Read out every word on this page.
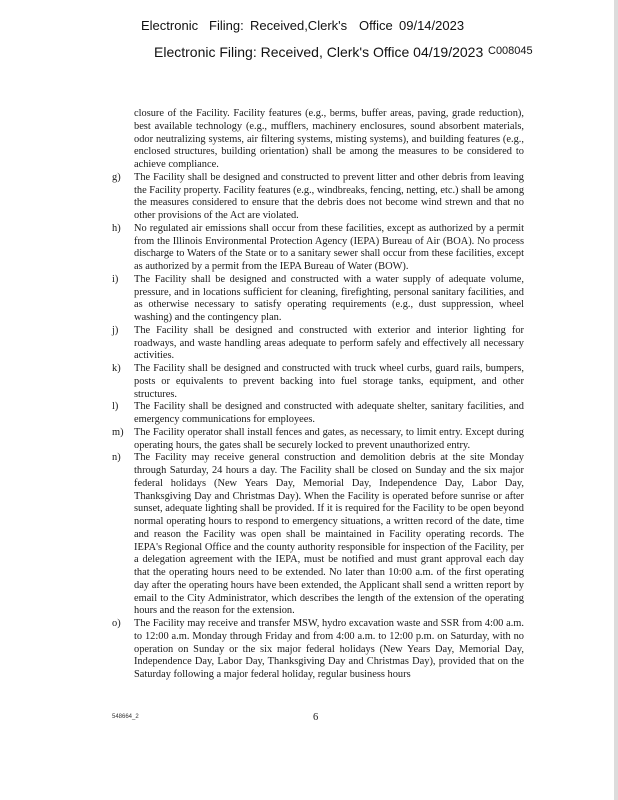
Electronic Filing: Received,Clerk's Office 09/14/2023
Electronic Filing: Received, Clerk's Office 04/19/2023 C008045
closure of the Facility. Facility features (e.g., berms, buffer areas, paving, grade reduction), best available technology (e.g., mufflers, machinery enclosures, sound absorbent materials, odor neutralizing systems, air filtering systems, misting systems), and building features (e.g., enclosed structures, building orientation) shall be among the measures to be considered to achieve compliance.
g) The Facility shall be designed and constructed to prevent litter and other debris from leaving the Facility property. Facility features (e.g., windbreaks, fencing, netting, etc.) shall be among the measures considered to ensure that the debris does not become wind strewn and that no other provisions of the Act are violated.
h) No regulated air emissions shall occur from these facilities, except as authorized by a permit from the Illinois Environmental Protection Agency (IEPA) Bureau of Air (BOA). No process discharge to Waters of the State or to a sanitary sewer shall occur from these facilities, except as authorized by a permit from the IEPA Bureau of Water (BOW).
i) The Facility shall be designed and constructed with a water supply of adequate volume, pressure, and in locations sufficient for cleaning, firefighting, personal sanitary facilities, and as otherwise necessary to satisfy operating requirements (e.g., dust suppression, wheel washing) and the contingency plan.
j) The Facility shall be designed and constructed with exterior and interior lighting for roadways, and waste handling areas adequate to perform safely and effectively all necessary activities.
k) The Facility shall be designed and constructed with truck wheel curbs, guard rails, bumpers, posts or equivalents to prevent backing into fuel storage tanks, equipment, and other structures.
l) The Facility shall be designed and constructed with adequate shelter, sanitary facilities, and emergency communications for employees.
m) The Facility operator shall install fences and gates, as necessary, to limit entry. Except during operating hours, the gates shall be securely locked to prevent unauthorized entry.
n) The Facility may receive general construction and demolition debris at the site Monday through Saturday, 24 hours a day. The Facility shall be closed on Sunday and the six major federal holidays (New Years Day, Memorial Day, Independence Day, Labor Day, Thanksgiving Day and Christmas Day). When the Facility is operated before sunrise or after sunset, adequate lighting shall be provided. If it is required for the Facility to be open beyond normal operating hours to respond to emergency situations, a written record of the date, time and reason the Facility was open shall be maintained in Facility operating records. The IEPA's Regional Office and the county authority responsible for inspection of the Facility, per a delegation agreement with the IEPA, must be notified and must grant approval each day that the operating hours need to be extended. No later than 10:00 a.m. of the first operating day after the operating hours have been extended, the Applicant shall send a written report by email to the City Administrator, which describes the length of the extension of the operating hours and the reason for the extension.
o) The Facility may receive and transfer MSW, hydro excavation waste and SSR from 4:00 a.m. to 12:00 a.m. Monday through Friday and from 4:00 a.m. to 12:00 p.m. on Saturday, with no operation on Sunday or the six major federal holidays (New Years Day, Memorial Day, Independence Day, Labor Day, Thanksgiving Day and Christmas Day), provided that on the Saturday following a major federal holiday, regular business hours
548664_2	6
